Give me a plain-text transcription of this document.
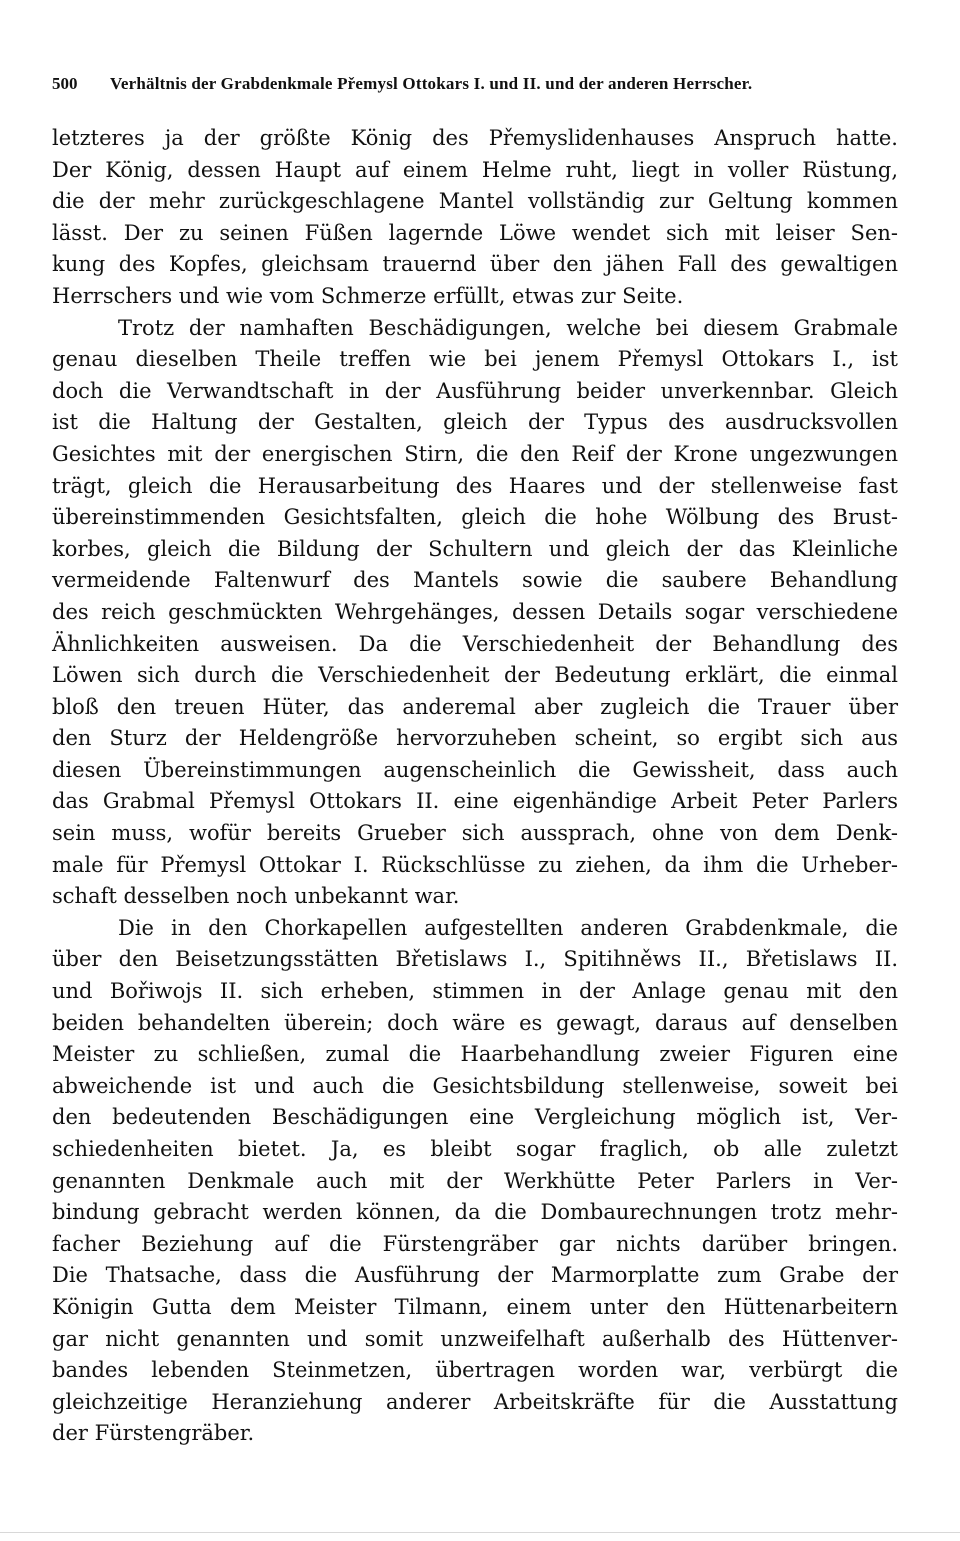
500	Verhältnis der Grabdenkmale Přemysl Ottokars I. und II. und der anderen Herrscher.
letzteres ja der größte König des Přemyslidenhauses Anspruch hatte.
Der König, dessen Haupt auf einem Helme ruht, liegt in voller Rüstung,
die der mehr zurückgeschlagene Mantel vollständig zur Geltung kommen
lässt. Der zu seinen Füßen lagernde Löwe wendet sich mit leiser Sen-
kung des Kopfes, gleichsam trauernd über den jähen Fall des gewaltigen
Herrschers und wie vom Schmerze erfüllt, etwas zur Seite.
Trotz der namhaften Beschädigungen, welche bei diesem Grabmale
genau dieselben Theile treffen wie bei jenem Přemysl Ottokars I., ist
doch die Verwandtschaft in der Ausführung beider unverkennbar. Gleich
ist die Haltung der Gestalten, gleich der Typus des ausdrucksvollen
Gesichtes mit der energischen Stirn, die den Reif der Krone ungezwungen
trägt, gleich die Herausarbeitung des Haares und der stellenweise fast
übereinstimmenden Gesichtsfalten, gleich die hohe Wölbung des Brust-
korbes, gleich die Bildung der Schultern und gleich der das Kleinliche
vermeidende Faltenwurf des Mantels sowie die saubere Behandlung
des reich geschmückten Wehrgehänges, dessen Details sogar verschiedene
Ähnlichkeiten ausweisen. Da die Verschiedenheit der Behandlung des
Löwen sich durch die Verschiedenheit der Bedeutung erklärt, die einmal
bloß den treuen Hüter, das anderemal aber zugleich die Trauer über
den Sturz der Heldengröße hervorzuheben scheint, so ergibt sich aus
diesen Übereinstimmungen augenscheinlich die Gewissheit, dass auch
das Grabmal Přemysl Ottokars II. eine eigenhändige Arbeit Peter Parlers
sein muss, wofür bereits Grueber sich aussprach, ohne von dem Denk-
male für Přemysl Ottokar I. Rückschlüsse zu ziehen, da ihm die Urheber-
schaft desselben noch unbekannt war.
Die in den Chorkapellen aufgestellten anderen Grabdenkmale, die
über den Beisetzungsstätten Břetislaws I., Spitihněws II., Břetislaws II.
und Bořiwojs II. sich erheben, stimmen in der Anlage genau mit den
beiden behandelten überein; doch wäre es gewagt, daraus auf denselben
Meister zu schließen, zumal die Haarbehandlung zweier Figuren eine
abweichende ist und auch die Gesichtsbildung stellenweise, soweit bei
den bedeutenden Beschädigungen eine Vergleichung möglich ist, Ver-
schiedenheiten bietet. Ja, es bleibt sogar fraglich, ob alle zuletzt
genannten Denkmale auch mit der Werkhütte Peter Parlers in Ver-
bindung gebracht werden können, da die Dombaurechnungen trotz mehr-
facher Beziehung auf die Fürstengräber gar nichts darüber bringen.
Die Thatsache, dass die Ausführung der Marmorplatte zum Grabe der
Königin Gutta dem Meister Tilmann, einem unter den Hüttenarbeitern
gar nicht genannten und somit unzweifelhaft außerhalb des Hüttenver-
bandes lebenden Steinmetzen, übertragen worden war, verbürgt die
gleichzeitige Heranziehung anderer Arbeitskräfte für die Ausstattung
der Fürstengräber.
